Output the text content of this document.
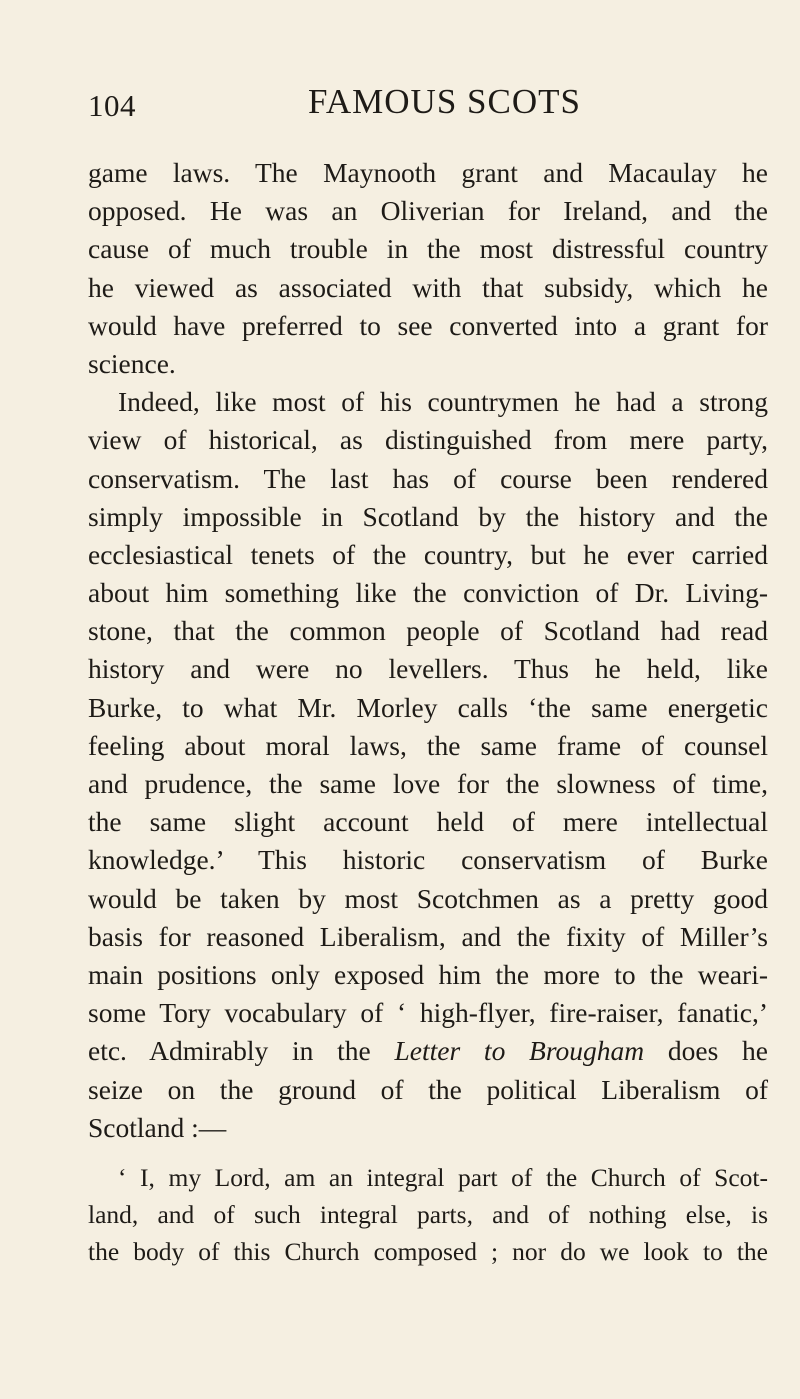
104	FAMOUS SCOTS
game laws. The Maynooth grant and Macaulay he
opposed. He was an Oliverian for Ireland, and the
cause of much trouble in the most distressful country
he viewed as associated with that subsidy, which he
would have preferred to see converted into a grant for
science.
Indeed, like most of his countrymen he had a strong
view of historical, as distinguished from mere party,
conservatism. The last has of course been rendered
simply impossible in Scotland by the history and the
ecclesiastical tenets of the country, but he ever carried
about him something like the conviction of Dr. Living-
stone, that the common people of Scotland had read
history and were no levellers. Thus he held, like
Burke, to what Mr. Morley calls ‘the same energetic
feeling about moral laws, the same frame of counsel
and prudence, the same love for the slowness of time,
the same slight account held of mere intellectual
knowledge.’ This historic conservatism of Burke
would be taken by most Scotchmen as a pretty good
basis for reasoned Liberalism, and the fixity of Miller’s
main positions only exposed him the more to the weari-
some Tory vocabulary of ‘ high-flyer, fire-raiser, fanatic,’
etc. Admirably in the Letter to Brougham does he
seize on the ground of the political Liberalism of
Scotland :—
‘ I, my Lord, am an integral part of the Church of Scot-
land, and of such integral parts, and of nothing else, is
the body of this Church composed ; nor do we look to the
